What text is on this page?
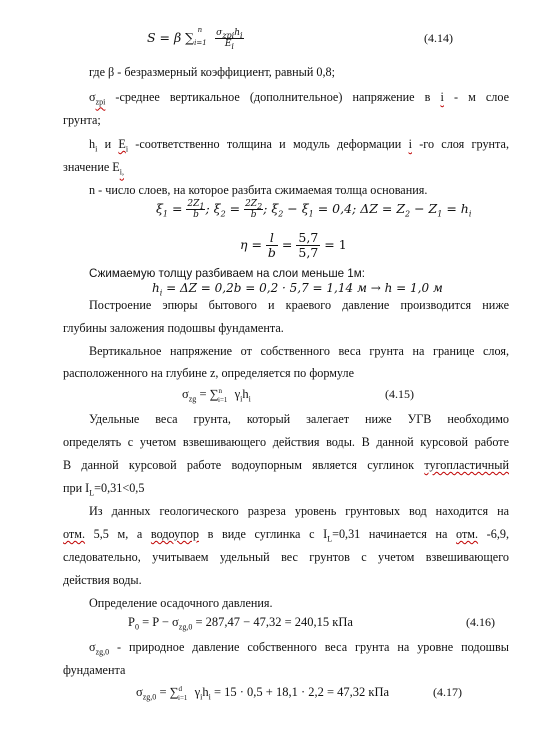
S = β $\sum_{i=1}^n \frac{\sigma_{zpi}h_i}{E_i}$	(4.14)
где β - безразмерный коэффициент, равный 0,8;
$\sigma_{zpi}$ -среднее вертикальное (дополнительное) напряжение в i - м слое
грунта;
$h_i$ и $E_i$ -соответственно толщина и модуль деформации i -го слоя грунта,
значение $E_{i,}$
n - число слоев, на которое разбита сжимаемая толща основания.
$\xi_1 = \frac{2Z_1}{b}$ ; $\xi_2 = \frac{2Z_2}{b}$ ; $\xi_2 - \xi_1 = 0,4$; $\Delta Z = Z_2 - Z_1 = h_i$
$\eta = \frac{l}{b} = \frac{5,7}{5,7} = 1$
Сжимаемую толщу разбиваем на слои меньше 1м:
$h_i = \Delta Z = 0,2b = 0,2 \cdot 5,7 = 1,14$ м → h = 1,0 м
Построение эпюры бытового и краевого давление производится ниже
глубины заложения подошвы фундамента.
Вертикальное напряжение от собственного веса грунта на границе слоя,
расположенного на глубине z, определяется по формуле
$\sigma_{zg} = \sum^n_{i=1}$ $\gamma_ih_i$	(4.15)
Удельные веса грунта, который залегает ниже УГВ необходимо
определять с учетом взвешивающего действия воды. В данной курсовой работе
В данной курсовой работе водоупорным является суглинок тугопластичный
при $I_L=0,31<0,5$
Из данных геологического разреза уровень грунтовых вод находится на
отм. 5,5 м, а водоупор в виде суглинка с $I_L=0,31$ начинается на отм. -6,9,
следовательно, учитываем удельный вес грунтов с учетом взвешивающего
действия воды.
Определение осадочного давления.
$P_0 = P - \sigma_{zg,0} = 287,47 - 47,32 = 240,15$ кПа	(4.16)
$\sigma_{zg,0}$ - природное давление собственного веса грунта на уровне подошвы
фундамента
$\sigma_{zg,0} = \sum^d_{i=1}$ $\gamma_ih_i = 15 \cdot 0,5 + 18,1 \cdot 2,2 = 47,32$ кПа	(4.17)
